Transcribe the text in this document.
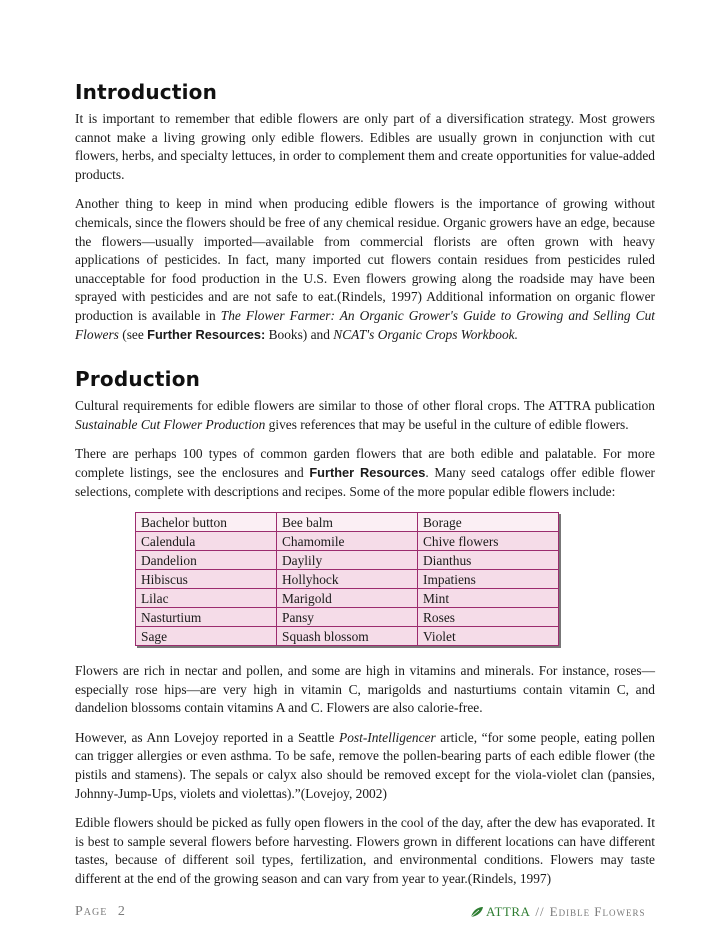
Introduction

It is important to remember that edible flowers are only part of a diversification strategy. Most growers cannot make a living growing only edible flowers. Edibles are usually grown in conjunction with cut flowers, herbs, and specialty lettuces, in order to complement them and create opportunities for value-added products.

Another thing to keep in mind when producing edible flowers is the importance of growing without chemicals, since the flowers should be free of any chemical residue. Organic growers have an edge, because the flowers—usually imported—available from commercial florists are often grown with heavy applications of pesticides. In fact, many imported cut flowers contain residues from pesticides ruled unacceptable for food production in the U.S. Even flowers growing along the roadside may have been sprayed with pesticides and are not safe to eat.(Rindels, 1997) Additional information on organic flower production is available in The Flower Farmer: An Organic Grower's Guide to Growing and Selling Cut Flowers (see Further Resources: Books) and NCAT's Organic Crops Workbook.

Production

Cultural requirements for edible flowers are similar to those of other floral crops. The ATTRA publication Sustainable Cut Flower Production gives references that may be useful in the culture of edible flowers.

There are perhaps 100 types of common garden flowers that are both edible and palatable. For more complete listings, see the enclosures and Further Resources. Many seed catalogs offer edible flower selections, complete with descriptions and recipes. Some of the more popular edible flowers include:

Bachelor button	Bee balm	Borage
Calendula	Chamomile	Chive flowers
Dandelion	Daylily	Dianthus
Hibiscus	Hollyhock	Impatiens
Lilac	Marigold	Mint
Nasturtium	Pansy	Roses
Sage	Squash blossom	Violet

Flowers are rich in nectar and pollen, and some are high in vitamins and minerals. For instance, roses—especially rose hips—are very high in vitamin C, marigolds and nasturtiums contain vitamin C, and dandelion blossoms contain vitamins A and C. Flowers are also calorie-free.

However, as Ann Lovejoy reported in a Seattle Post-Intelligencer article, “for some people, eating pollen can trigger allergies or even asthma. To be safe, remove the pollen-bearing parts of each edible flower (the pistils and stamens). The sepals or calyx also should be removed except for the viola-violet clan (pansies, Johnny-Jump-Ups, violets and violettas).”(Lovejoy, 2002)

Edible flowers should be picked as fully open flowers in the cool of the day, after the dew has evaporated. It is best to sample several flowers before harvesting. Flowers grown in different locations can have different tastes, because of different soil types, fertilization, and environmental conditions. Flowers may taste different at the end of the growing season and can vary from year to year.(Rindels, 1997)

Page 2	ATTRA // Edible Flowers
